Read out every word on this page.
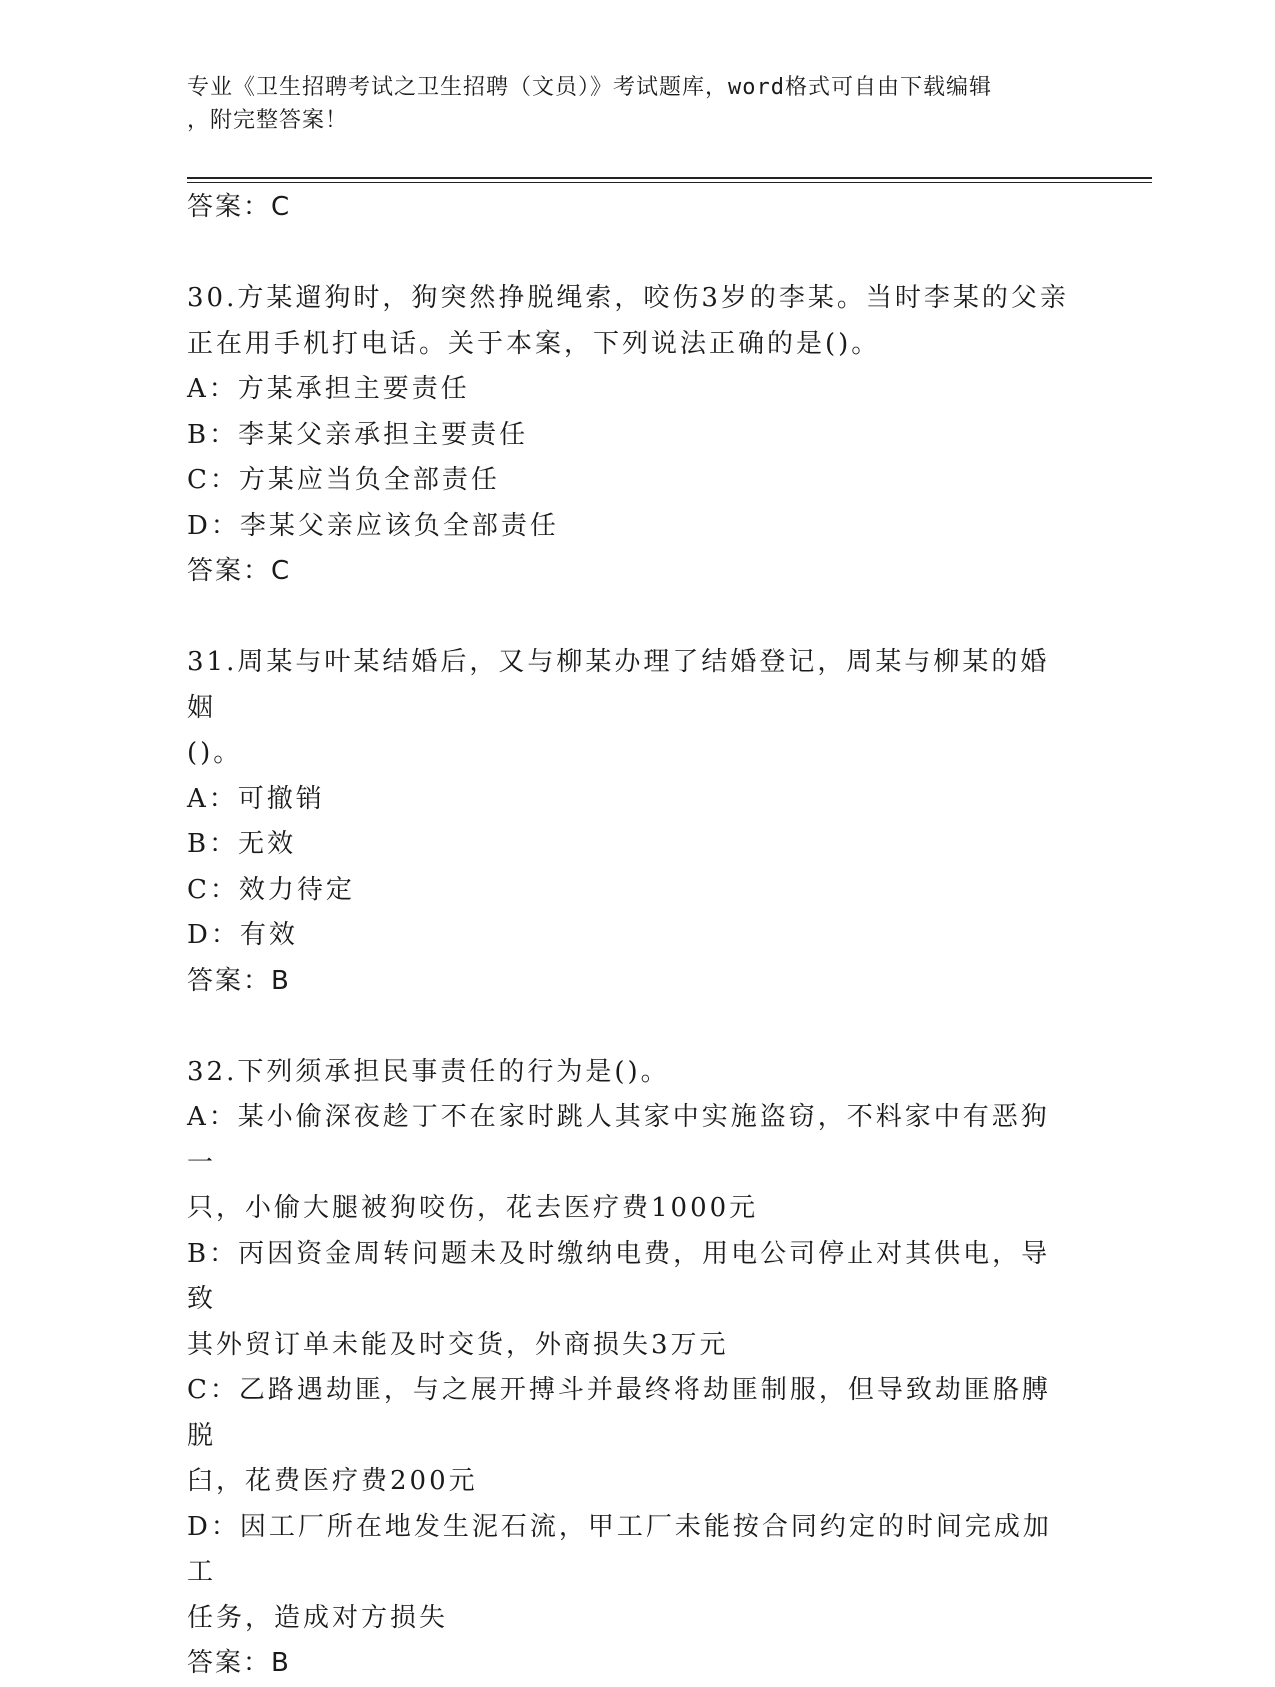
专业《卫生招聘考试之卫生招聘（文员）》考试题库，word格式可自由下载编辑
，附完整答案！
答案：C
30.方某遛狗时，狗突然挣脱绳索，咬伤3岁的李某。当时李某的父亲
正在用手机打电话。关于本案，下列说法正确的是()。
A：方某承担主要责任
B：李某父亲承担主要责任
C：方某应当负全部责任
D：李某父亲应该负全部责任
答案：C
31.周某与叶某结婚后，又与柳某办理了结婚登记，周某与柳某的婚姻
()。
A：可撤销
B：无效
C：效力待定
D：有效
答案：B
32.下列须承担民事责任的行为是()。
A：某小偷深夜趁丁不在家时跳人其家中实施盗窃，不料家中有恶狗一
只，小偷大腿被狗咬伤，花去医疗费1000元
B：丙因资金周转问题未及时缴纳电费，用电公司停止对其供电，导致
其外贸订单未能及时交货，外商损失3万元
C：乙路遇劫匪，与之展开搏斗并最终将劫匪制服，但导致劫匪胳膊脱
臼，花费医疗费200元
D：因工厂所在地发生泥石流，甲工厂未能按合同约定的时间完成加工
任务，造成对方损失
答案：B
